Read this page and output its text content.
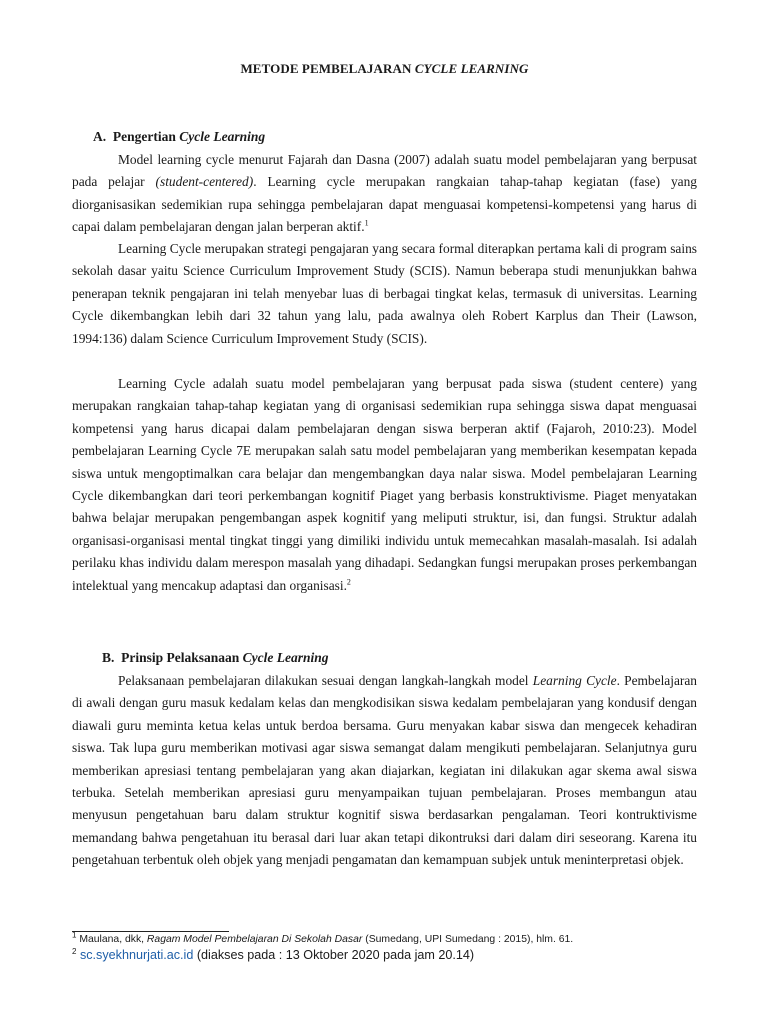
METODE PEMBELAJARAN CYCLE LEARNING
A. Pengertian Cycle Learning

Model learning cycle menurut Fajarah dan Dasna (2007) adalah suatu model pembelajaran yang berpusat pada pelajar (student-centered). Learning cycle merupakan rangkaian tahap-tahap kegiatan (fase) yang diorganisasikan sedemikian rupa sehingga pembelajaran dapat menguasai kompetensi-kompetensi yang harus di capai dalam pembelajaran dengan jalan berperan aktif.$^1$

Learning Cycle merupakan strategi pengajaran yang secara formal diterapkan pertama kali di program sains sekolah dasar yaitu Science Curriculum Improvement Study (SCIS). Namun beberapa studi menunjukkan bahwa penerapan teknik pengajaran ini telah menyebar luas di berbagai tingkat kelas, termasuk di universitas. Learning Cycle dikembangkan lebih dari 32 tahun yang lalu, pada awalnya oleh Robert Karplus dan Their (Lawson, 1994:136) dalam Science Curriculum Improvement Study (SCIS).

Learning Cycle adalah suatu model pembelajaran yang berpusat pada siswa (student centere) yang merupakan rangkaian tahap-tahap kegiatan yang di organisasi sedemikian rupa sehingga siswa dapat menguasai kompetensi yang harus dicapai dalam pembelajaran dengan siswa berperan aktif (Fajaroh, 2010:23). Model pembelajaran Learning Cycle 7E merupakan salah satu model pembelajaran yang memberikan kesempatan kepada siswa untuk mengoptimalkan cara belajar dan mengembangkan daya nalar siswa. Model pembelajaran Learning Cycle dikembangkan dari teori perkembangan kognitif Piaget yang berbasis konstruktivisme. Piaget menyatakan bahwa belajar merupakan pengembangan aspek kognitif yang meliputi struktur, isi, dan fungsi. Struktur adalah organisasi-organisasi mental tingkat tinggi yang dimiliki individu untuk memecahkan masalah-masalah. Isi adalah perilaku khas individu dalam merespon masalah yang dihadapi. Sedangkan fungsi merupakan proses perkembangan intelektual yang mencakup adaptasi dan organisasi.$^2$

B. Prinsip Pelaksanaan Cycle Learning

Pelaksanaan pembelajaran dilakukan sesuai dengan langkah-langkah model Learning Cycle. Pembelajaran di awali dengan guru masuk kedalam kelas dan mengkodisikan siswa kedalam pembelajaran yang kondusif dengan diawali guru meminta ketua kelas untuk berdoa bersama. Guru menyakan kabar siswa dan mengecek kehadiran siswa. Tak lupa guru memberikan motivasi agar siswa semangat dalam mengikuti pembelajaran. Selanjutnya guru memberikan apresiasi tentang pembelajaran yang akan diajarkan, kegiatan ini dilakukan agar skema awal siswa terbuka. Setelah memberikan apresiasi guru menyampaikan tujuan pembelajaran. Proses membangun atau menyusun pengetahuan baru dalam struktur kognitif siswa berdasarkan pengalaman. Teori kontruktivisme memandang bahwa pengetahuan itu berasal dari luar akan tetapi dikontruksi dari dalam diri seseorang. Karena itu pengetahuan terbentuk oleh objek yang menjadi pengamatan dan kemampuan subjek untuk meninterpretasi objek.

$^1$ Maulana, dkk, Ragam Model Pembelajaran Di Sekolah Dasar (Sumedang, UPI Sumedang : 2015), hlm. 61.
$^2$ sc.syekhnurjati.ac.id (diakses pada : 13 Oktober 2020 pada jam 20.14)
